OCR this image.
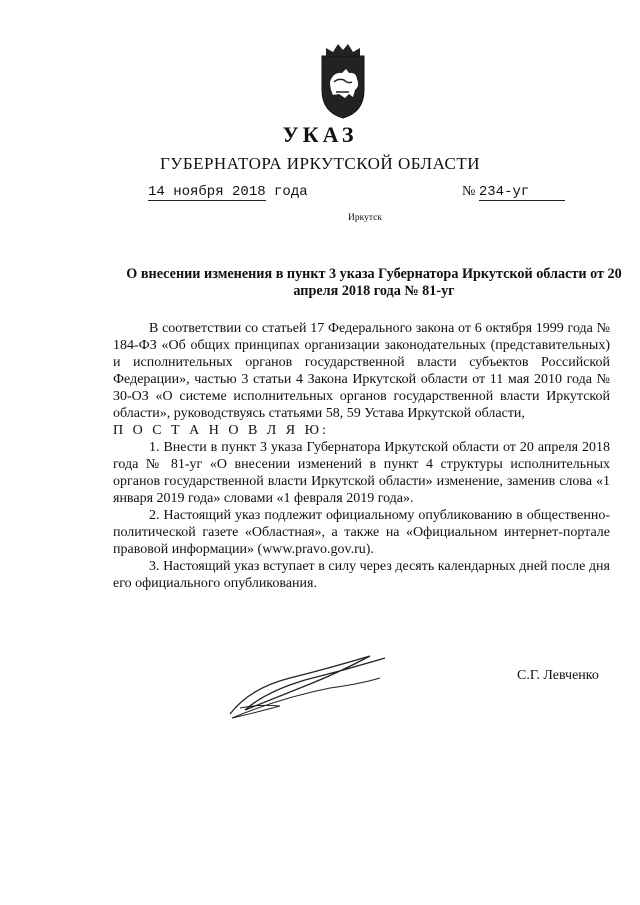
УКАЗ
ГУБЕРНАТОРА ИРКУТСКОЙ ОБЛАСТИ
14 ноября 2018 года	№ 234-уг
Иркутск
О внесении изменения в пункт 3 указа Губернатора Иркутской области от 20 апреля 2018 года № 81-уг

В соответствии со статьей 17 Федерального закона от 6 октября 1999 года № 184-ФЗ «Об общих принципах организации законодательных (представительных) и исполнительных органов государственной власти субъектов Российской Федерации», частью 3 статьи 4 Закона Иркутской области от 11 мая 2010 года № 30-ОЗ «О системе исполнительных органов государственной власти Иркутской области», руководствуясь статьями 58, 59 Устава Иркутской области,

П О С Т А Н О В Л Я Ю:

1. Внести в пункт 3 указа Губернатора Иркутской области от 20 апреля 2018 года № 81-уг «О внесении изменений в пункт 4 структуры исполнительных органов государственной власти Иркутской области» изменение, заменив слова «1 января 2019 года» словами «1 февраля 2019 года».

2. Настоящий указ подлежит официальному опубликованию в общественно-политической газете «Областная», а также на «Официальном интернет-портале правовой информации» (www.pravo.gov.ru).

3. Настоящий указ вступает в силу через десять календарных дней после дня его официального опубликования.

С.Г. Левченко
